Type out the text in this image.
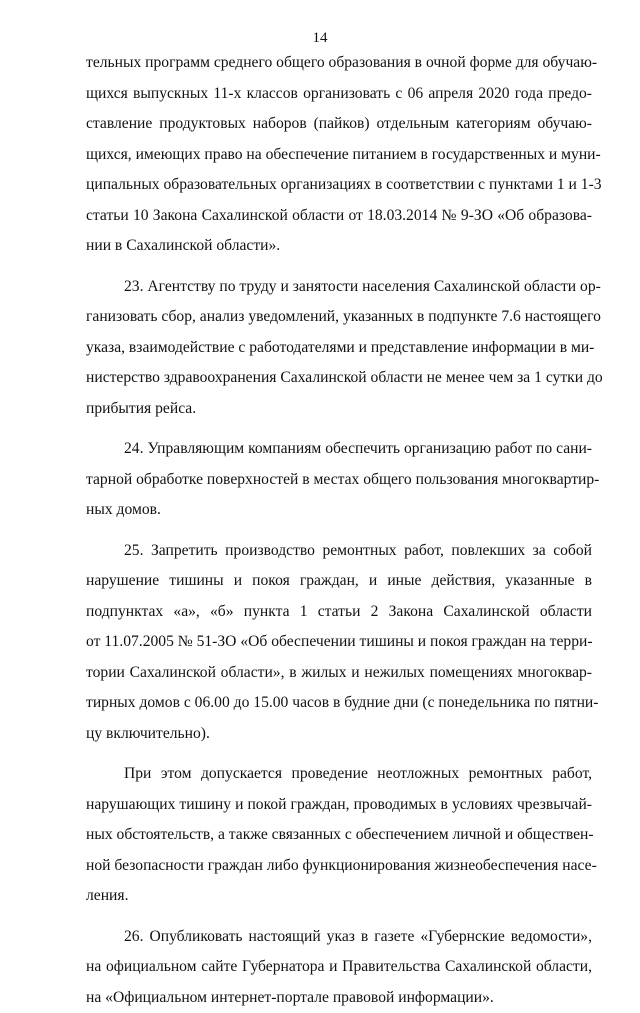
14

тельных программ среднего общего образования в очной форме для обучаю-
щихся выпускных 11-х классов организовать с 06 апреля 2020 года предо-
ставление продуктовых наборов (пайков) отдельным категориям обучаю-
щихся, имеющих право на обеспечение питанием в государственных и муни-
ципальных образовательных организациях в соответствии с пунктами 1 и 1-3
статьи 10 Закона Сахалинской области от 18.03.2014 № 9-ЗО «Об образова-
нии в Сахалинской области».

23. Агентству по труду и занятости населения Сахалинской области ор-
ганизовать сбор, анализ уведомлений, указанных в подпункте 7.6 настоящего
указа, взаимодействие с работодателями и представление информации в ми-
нистерство здравоохранения Сахалинской области не менее чем за 1 сутки до
прибытия рейса.

24. Управляющим компаниям обеспечить организацию работ по сани-
тарной обработке поверхностей в местах общего пользования многоквартир-
ных домов.

25. Запретить производство ремонтных работ, повлекших за собой
нарушение тишины и покоя граждан, и иные действия, указанные в
подпунктах «а», «б» пункта 1 статьи 2 Закона Сахалинской области
от 11.07.2005 № 51-ЗО «Об обеспечении тишины и покоя граждан на терри-
тории Сахалинской области», в жилых и нежилых помещениях многоквар-
тирных домов с 06.00 до 15.00 часов в будние дни (с понедельника по пятни-
цу включительно).

При этом допускается проведение неотложных ремонтных работ,
нарушающих тишину и покой граждан, проводимых в условиях чрезвычай-
ных обстоятельств, а также связанных с обеспечением личной и обществен-
ной безопасности граждан либо функционирования жизнеобеспечения насе-
ления.

26. Опубликовать настоящий указ в газете «Губернские ведомости»,
на официальном сайте Губернатора и Правительства Сахалинской области,
на «Официальном интернет-портале правовой информации».
